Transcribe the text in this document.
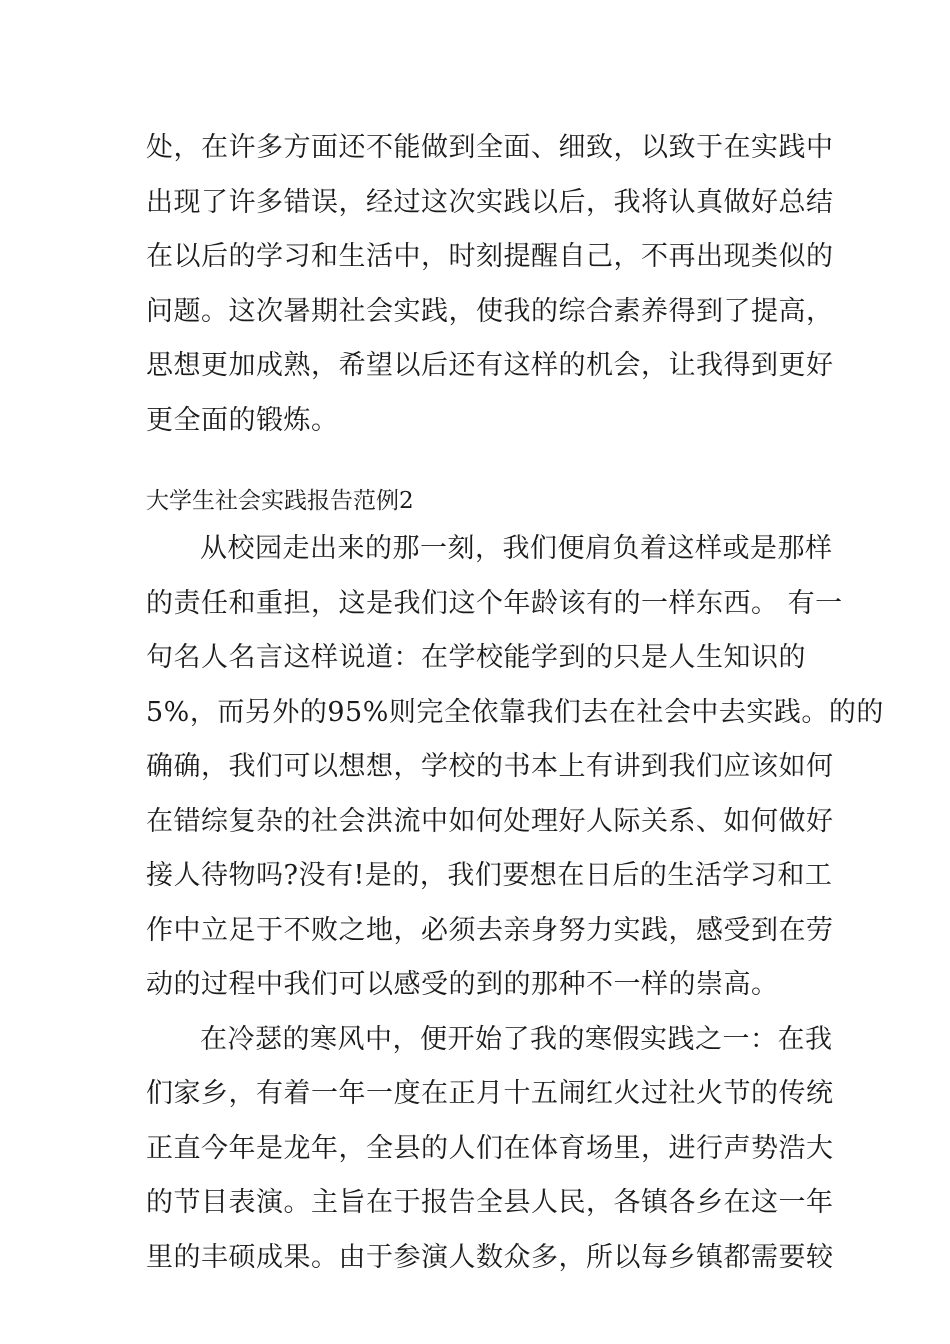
处，在许多方面还不能做到全面、细致，以致于在实践中
出现了许多错误，经过这次实践以后，我将认真做好总结
在以后的学习和生活中，时刻提醒自己，不再出现类似的
问题。这次暑期社会实践，使我的综合素养得到了提高，
思想更加成熟，希望以后还有这样的机会，让我得到更好
更全面的锻炼。
大学生社会实践报告范例2
从校园走出来的那一刻，我们便肩负着这样或是那样
的责任和重担，这是我们这个年龄该有的一样东西。 有一
句名人名言这样说道：在学校能学到的只是人生知识的
5%，而另外的95%则完全依靠我们去在社会中去实践。的的
确确，我们可以想想，学校的书本上有讲到我们应该如何
在错综复杂的社会洪流中如何处理好人际关系、如何做好
接人待物吗?没有!是的，我们要想在日后的生活学习和工
作中立足于不败之地，必须去亲身努力实践，感受到在劳
动的过程中我们可以感受的到的那种不一样的崇高。
在冷瑟的寒风中，便开始了我的寒假实践之一：在我
们家乡，有着一年一度在正月十五闹红火过社火节的传统
正直今年是龙年，全县的人们在体育场里，进行声势浩大
的节目表演。主旨在于报告全县人民，各镇各乡在这一年
里的丰硕成果。由于参演人数众多，所以每乡镇都需要较
